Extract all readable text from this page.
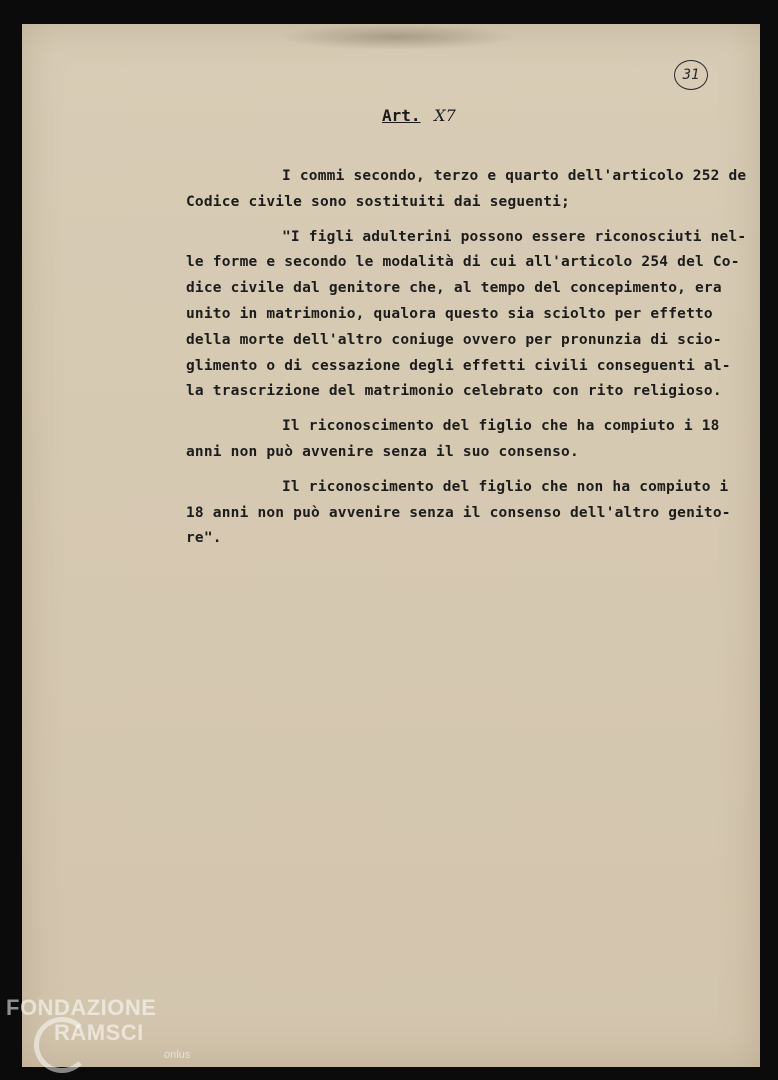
31
Art. X7
I commi secondo, terzo e quarto dell'articolo 252 de
Codice civile sono sostituiti dai seguenti;
"I figli adulterini possono essere riconosciuti nel-
le forme e secondo le modalità di cui all'articolo 254 del Co-
dice civile dal genitore che, al tempo del concepimento, era
unito in matrimonio, qualora questo sia sciolto per effetto
della morte dell'altro coniuge ovvero per pronunzia di scio-
glimento o di cessazione degli effetti civili conseguenti al-
la trascrizione del matrimonio celebrato con rito religioso.
Il riconoscimento del figlio che ha compiuto i 18
anni non può avvenire senza il suo consenso.
Il riconoscimento del figlio che non ha compiuto i
18 anni non può avvenire senza il consenso dell'altro genito-
re".
FONDAZIONE
RAMSCI
onlus
